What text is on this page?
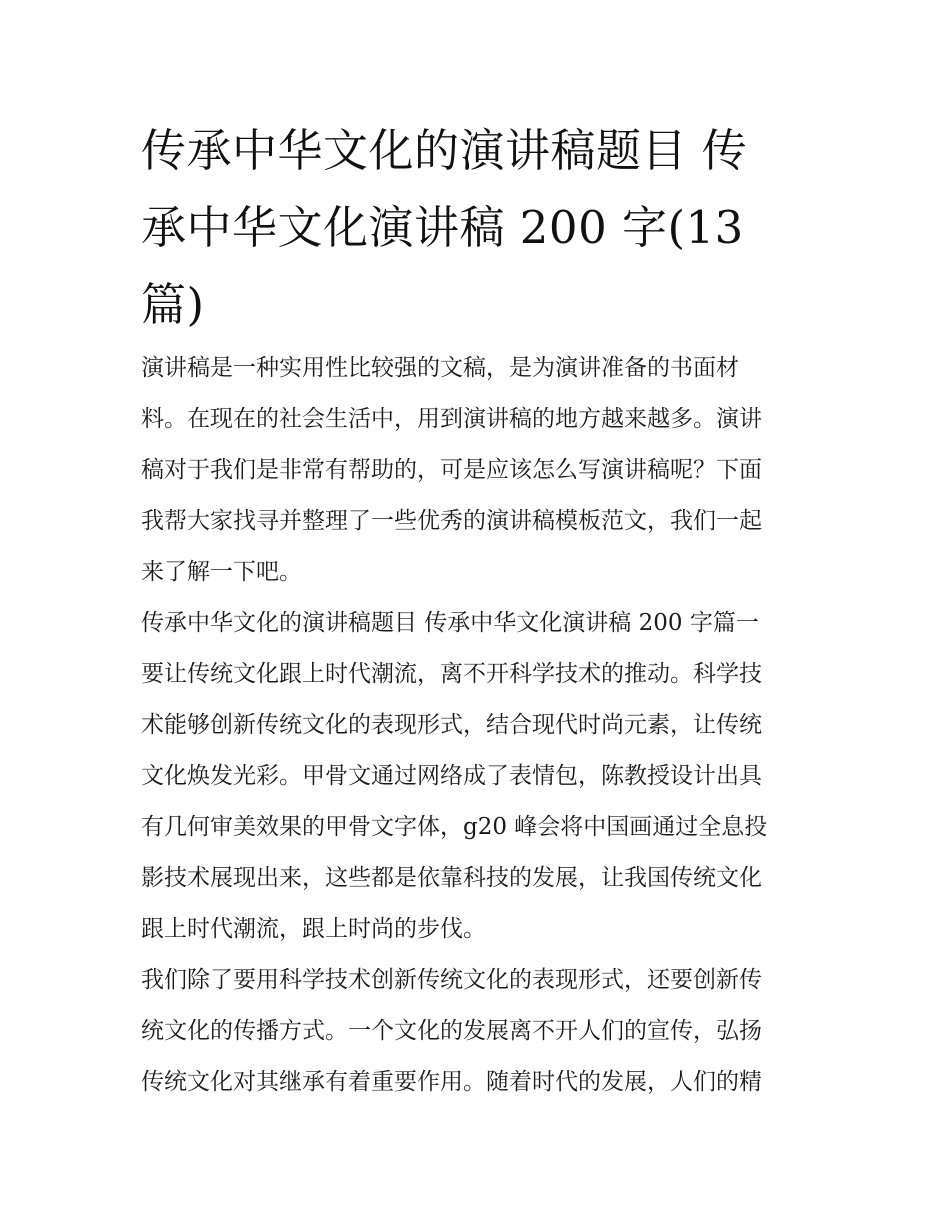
传承中华文化的演讲稿题目 传
承中华文化演讲稿 200 字(13
篇)
演讲稿是一种实用性比较强的文稿，是为演讲准备的书面材
料。在现在的社会生活中，用到演讲稿的地方越来越多。演讲
稿对于我们是非常有帮助的，可是应该怎么写演讲稿呢？下面
我帮大家找寻并整理了一些优秀的演讲稿模板范文，我们一起
来了解一下吧。
传承中华文化的演讲稿题目 传承中华文化演讲稿 200 字篇一
要让传统文化跟上时代潮流，离不开科学技术的推动。科学技
术能够创新传统文化的表现形式，结合现代时尚元素，让传统
文化焕发光彩。甲骨文通过网络成了表情包，陈教授设计出具
有几何审美效果的甲骨文字体，g20 峰会将中国画通过全息投
影技术展现出来，这些都是依靠科技的发展，让我国传统文化
跟上时代潮流，跟上时尚的步伐。
我们除了要用科学技术创新传统文化的表现形式，还要创新传
统文化的传播方式。一个文化的发展离不开人们的宣传，弘扬
传统文化对其继承有着重要作用。随着时代的发展，人们的精
